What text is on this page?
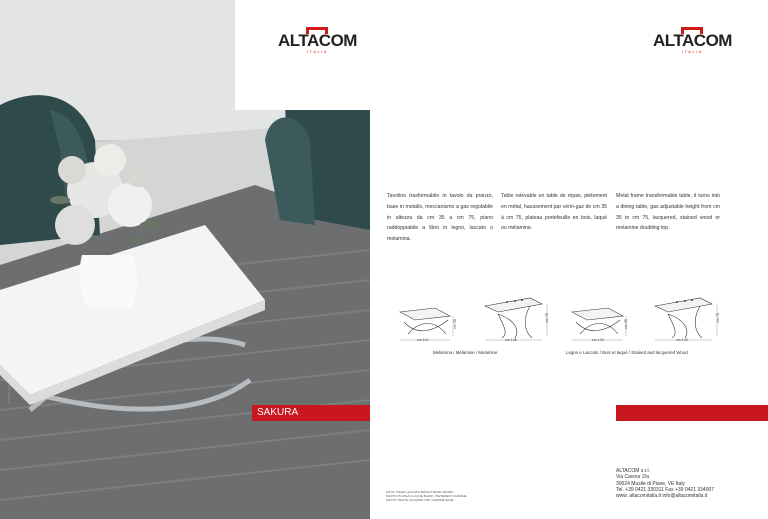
SAKURA 2021
ALTACOM
ITALIA
SAKURA
ALTACOM
ITALIA
Tavolino trasformabile in tavolo da pranzo, base in metallo, meccanismo a gas regolabile in altezza da cm 35 a cm 75, piano raddoppiabile a libro in legno, laccato o melamina.
Table relevable en table de répas, piètement en métal, haussement par vérin-gaz de cm 35 à cm 75, plateau portefeuille en bois, laqué ou mélamine.
Metal frame transformable table, it turns into a dining table, gas adjustable height from cm 35 to cm 75, lacquered, stained wood or melamine doubling top.
cm 110	cm 136	cm 120	cm 140
cm 35
cm 75
cm 35
cm 75
Melamina / Mélamine / Melamine	Legno e Laccato / Bois et laqué / Stained and lacquered Wood
FOTO: PIANO LACCATO BIANCO BASE CROMO
PHOTO: PLATEAU LAQUE BLANC, PIETEMENT CHROME
PHOTO: WHITE LACQUER TOP, CHROME BASE
ALTACOM s.r.l.
Via Cavour 2/a
30024 Musile di Piave, VE Italy
Tel. +39 0421 330311 Fax +39 0421 334007
www. altacomitalia.it info@altacomitalia.it
